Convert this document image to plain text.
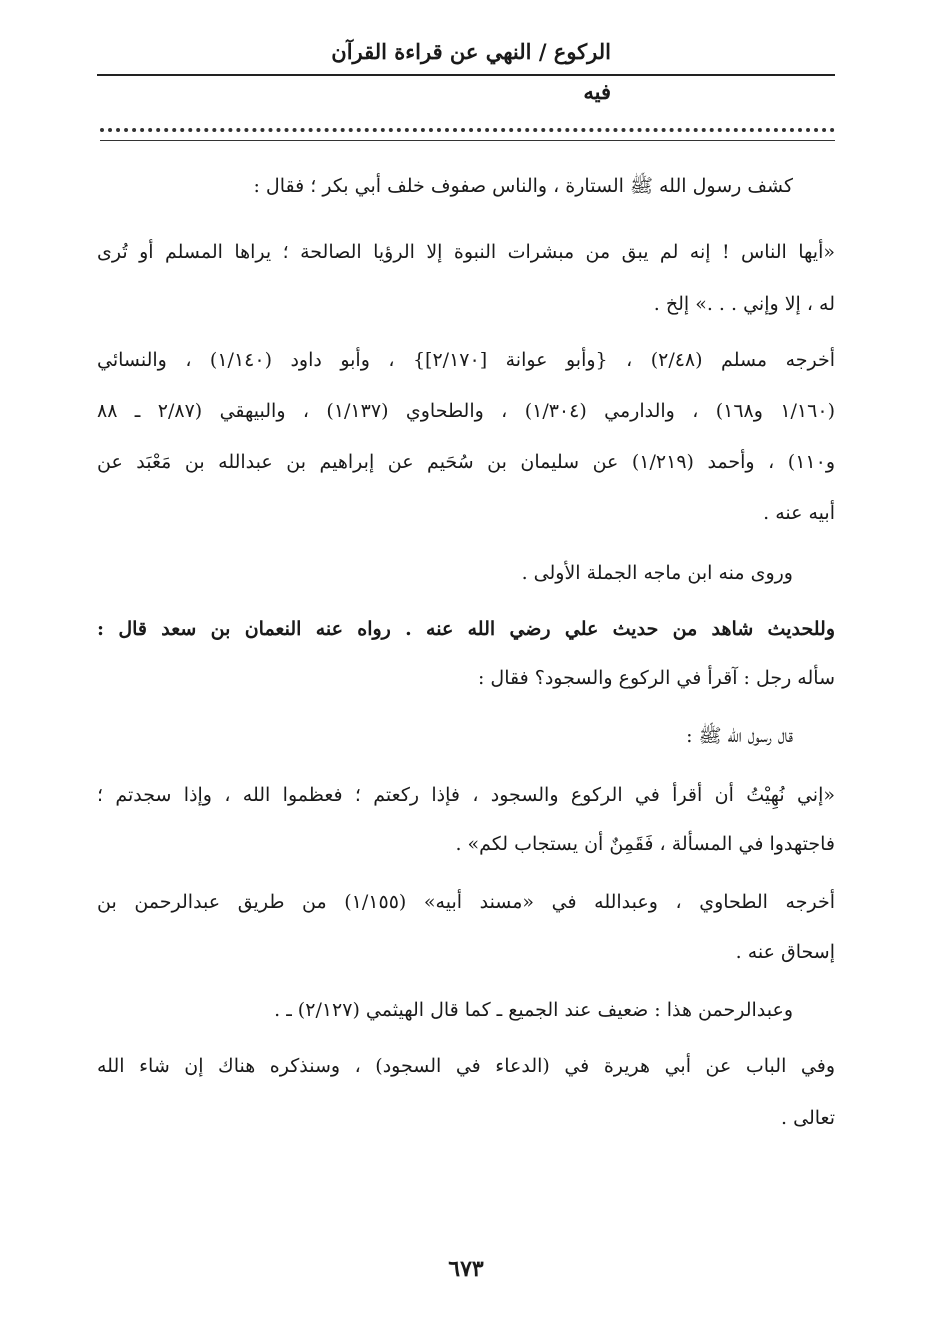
الركوع / النهي عن قراءة القرآن فيه
كشف رسول الله ﷺ الستارة ، والناس صفوف خلف أبي بكر ؛ فقال :
«أيها الناس ! إنه لم يبق من مبشرات النبوة إلا الرؤيا الصالحة ؛ يراها المسلم أو تُرى
له ، إلا وإني . . .» إلخ .
أخرجه مسلم (٢/٤٨) ، {وأبو عوانة [٢/١٧٠]} ، وأبو داود (١/١٤٠) ، والنسائي
(١/١٦٠ و١٦٨) ، والدارمي (١/٣٠٤) ، والطحاوي (١/١٣٧) ، والبيهقي (٢/٨٧ ـ ٨٨
و١١٠) ، وأحمد (١/٢١٩) عن سليمان بن سُحَيم عن إبراهيم بن عبدالله بن مَعْبَد عن
أبيه عنه .
وروى منه ابن ماجه الجملة الأولى .
وللحديث شاهد من حديث علي رضي الله عنه . رواه عنه النعمان بن سعد قال :
سأله رجل : آقرأ في الركوع والسجود؟ فقال :
قال رسول الله ﷺ :
«إني نُهِيْتُ أن أقرأ في الركوع والسجود ، فإذا ركعتم ؛ فعظموا الله ، وإذا سجدتم ؛
فاجتهدوا في المسألة ، فَقَمِنٌ أن يستجاب لكم» .
أخرجه الطحاوي ، وعبدالله في «مسند أبيه» (١/١٥٥) من طريق عبدالرحمن بن
إسحاق عنه .
وعبدالرحمن هذا : ضعيف عند الجميع ـ كما قال الهيثمي (٢/١٢٧) ـ .
وفي الباب عن أبي هريرة في (الدعاء في السجود) ، وسنذكره هناك إن شاء الله
تعالى .
٦٧٣
